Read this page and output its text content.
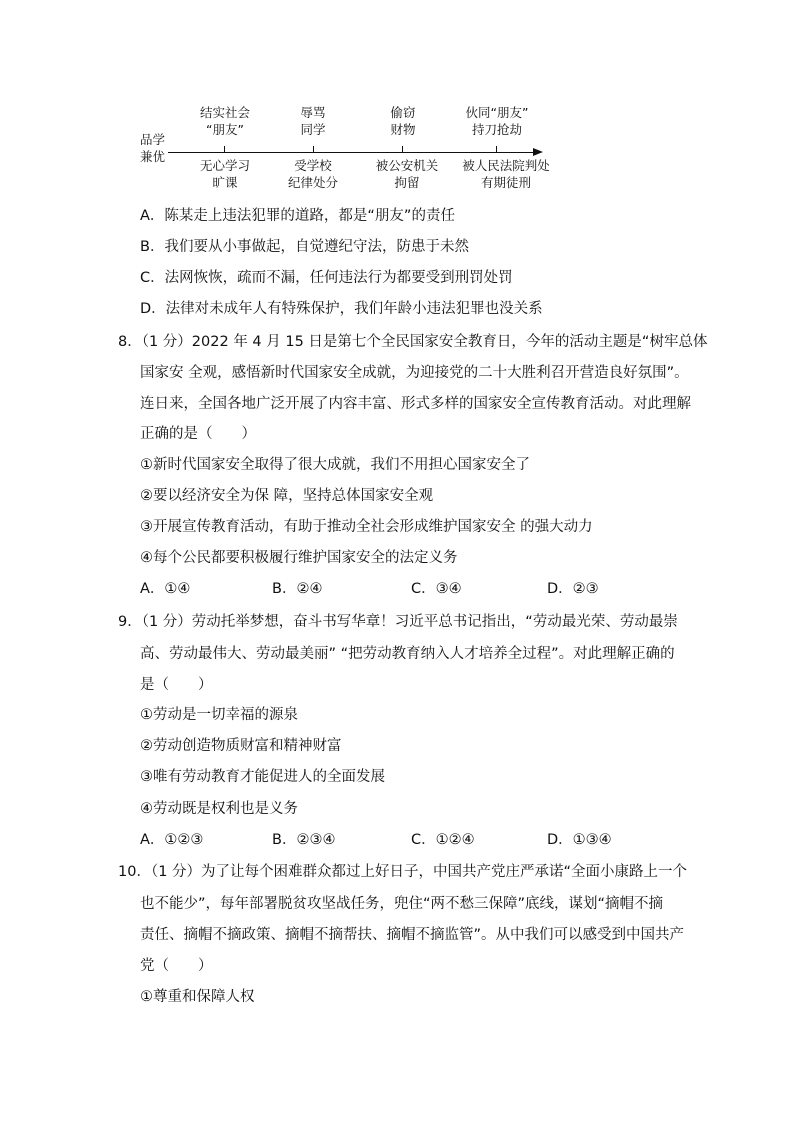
品学
兼优
结实社会
“朋友”
辱骂
同学
偷窃
财物
伙同“朋友”
持刀抢劫
无心学习
旷课
受学校
纪律处分
被公安机关
拘留
被人民法院判处
有期徒刑
A．陈某走上违法犯罪的道路，都是“朋友”的责任
B．我们要从小事做起，自觉遵纪守法，防患于未然
C．法网恢恢，疏而不漏，任何违法行为都要受到刑罚处罚
D．法律对未成年人有特殊保护，我们年龄小违法犯罪也没关系
8．（1 分）2022 年 4 月 15 日是第七个全民国家安全教育日，今年的活动主题是“树牢总体
国家安 全观，感悟新时代国家安全成就，为迎接党的二十大胜利召开营造良好氛围”。
连日来，全国各地广泛开展了内容丰富、形式多样的国家安全宣传教育活动。对此理解
正确的是（　　）
①新时代国家安全取得了很大成就，我们不用担心国家安全了
②要以经济安全为保 障，坚持总体国家安全观
③开展宣传教育活动，有助于推动全社会形成维护国家安全 的强大动力
④每个公民都要积极履行维护国家安全的法定义务
A．①④	B．②④	C．③④	D．②③
9．（1 分）劳动托举梦想，奋斗书写华章！习近平总书记指出，“劳动最光荣、劳动最崇
高、劳动最伟大、劳动最美丽” “把劳动教育纳入人才培养全过程”。对此理解正确的
是（　　）
①劳动是一切幸福的源泉
②劳动创造物质财富和精神财富
③唯有劳动教育才能促进人的全面发展
④劳动既是权利也是义务
A．①②③	B．②③④	C．①②④	D．①③④
10．（1 分）为了让每个困难群众都过上好日子，中国共产党庄严承诺“全面小康路上一个
也不能少”，每年部署脱贫攻坚战任务，兜住“两不愁三保障”底线，谋划“摘帽不摘
责任、摘帽不摘政策、摘帽不摘帮扶、摘帽不摘监管”。从中我们可以感受到中国共产
党（　　）
①尊重和保障人权
